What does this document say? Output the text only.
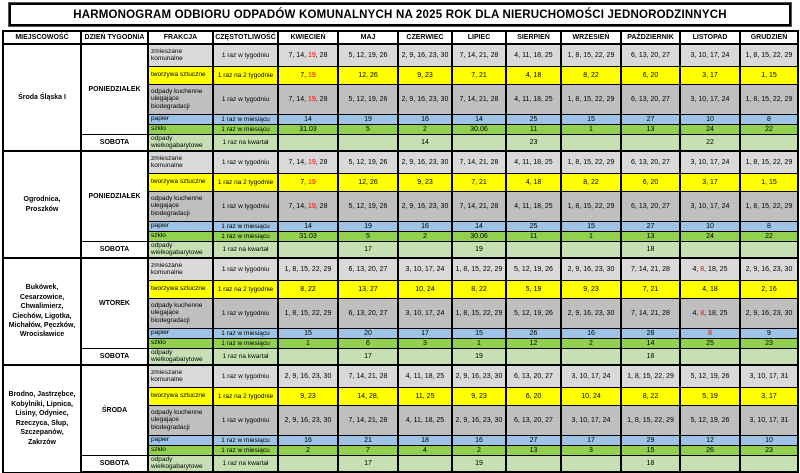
HARMONOGRAM ODBIORU ODPADÓW KOMUNALNYCH NA 2025 ROK DLA NIERUCHOMOŚCI JEDNORODZINNYCH
MIEJSCOWOŚĆ	DZIEŃ TYGODNIA	FRAKCJA	CZĘSTOTLIWOŚĆ	KWIECIEŃ	MAJ	CZERWIEC	LIPIEC	SIERPIEŃ	WRZESIEŃ	PAŹDZIERNIK	LISTOPAD	GRUDZIEŃ
Środa Śląska I	PONIEDZIAŁEK	zmieszane komunalne	1 raz w tygodniu	7, 14, 19, 28	5, 12, 19, 26	2, 9, 16, 23, 30	7, 14, 21, 28	4, 11, 18, 25	1, 8, 15, 22, 29	6, 13, 20, 27	3, 10, 17, 24	1, 8, 15, 22, 29
		tworzywa sztuczne	1 raz na 2 tygodnie	7, 19	12, 26	9, 23	7, 21	4, 18	8, 22	6, 20	3, 17	1, 15
		odpady kuchenne ulegające biodegradacji	1 raz w tygodniu	7, 14, 19, 28	5, 12, 19, 26	2, 9, 16, 23, 30	7, 14, 21, 28	4, 11, 18, 25	1, 8, 15, 22, 29	6, 13, 20, 27	3, 10, 17, 24	1, 8, 15, 22, 29
		papier	1 raz w miesiącu	14	19	16	14	25	15	27	10	8
		szkło	1 raz w miesiącu	31.03	5	2	30.06	11	1	13	24	22
	SOBOTA	odpady wielkogabarytowe	1 raz na kwartał			14		23			22	
Ogrodnica, Proszków	PONIEDZIAŁEK	zmieszane komunalne	1 raz w tygodniu	7, 14, 19, 28	5, 12, 19, 26	2, 9, 16, 23, 30	7, 14, 21, 28	4, 11, 18, 25	1, 8, 15, 22, 29	6, 13, 20, 27	3, 10, 17, 24	1, 8, 15, 22, 29
		tworzywa sztuczne	1 raz na 2 tygodnie	7, 19	12, 26	9, 23	7, 21	4, 18	8, 22	6, 20	3, 17	1, 15
		odpady kuchenne ulegające biodegradacji	1 raz w tygodniu	7, 14, 19, 28	5, 12, 19, 26	2, 9, 16, 23, 30	7, 14, 21, 28	4, 11, 18, 25	1, 8, 15, 22, 29	6, 13, 20, 27	3, 10, 17, 24	1, 8, 15, 22, 29
		papier	1 raz w miesiącu	14	19	16	14	25	15	27	10	8
		szkło	1 raz w miesiącu	31.03	5	2	30.06	11	1	13	24	22
	SOBOTA	odpady wielkogabarytowe	1 raz na kwartał		17		19			18		
Bukówek, Cesarzowice, Chwalimierz, Ciechów, Ligotka, Michałów, Pęczków, Wrocisławice	WTOREK	zmieszane komunalne	1 raz w tygodniu	1, 8, 15, 22, 29	6, 13, 20, 27	3, 10, 17, 24	1, 8, 15, 22, 29	5, 12, 19, 26	2, 9, 16, 23, 30	7, 14, 21, 28	4, 8, 18, 25	2, 9, 16, 23, 30
		tworzywa sztuczne	1 raz na 2 tygodnie	8, 22	13, 27	10, 24	8, 22	5, 19	9, 23	7, 21	4, 18	2, 16
		odpady kuchenne ulegające biodegradacji	1 raz w tygodniu	1, 8, 15, 22, 29	6, 13, 20, 27	3, 10, 17, 24	1, 8, 15, 22, 29	5, 12, 19, 26	2, 9, 16, 23, 30	7, 14, 21, 28	4, 8, 18, 25	2, 9, 16, 23, 30
		papier	1 raz w miesiącu	15	20	17	15	26	16	28	8	9
		szkło	1 raz w miesiącu	1	6	3	1	12	2	14	25	23
	SOBOTA	odpady wielkogabarytowe	1 raz na kwartał		17		19			18		
Brodno, Jastrzębce, Kobylniki, Lipnica, Lisiny, Odyniec, Rzeczyca, Słup, Szczepanów, Zakrzów	ŚRODA	zmieszane komunalne	1 raz w tygodniu	2, 9, 16, 23, 30	7, 14, 21, 28	4, 11, 18, 25	2, 9, 16, 23, 30	6, 13, 20, 27	3, 10, 17, 24	1, 8, 15, 22, 29	5, 12, 19, 26	3, 10, 17, 31
		tworzywa sztuczne	1 raz na 2 tygodnie	9, 23	14, 28,	11, 25	9, 23	6, 20	10, 24	8, 22	5, 19	3, 17
		odpady kuchenne ulegające biodegradacji	1 raz w tygodniu	2, 9, 16, 23, 30	7, 14, 21, 28	4, 11, 18, 25	2, 9, 16, 23, 30	6, 13, 20, 27	3, 10, 17, 24	1, 8, 15, 22, 29	5, 12, 19, 26	3, 10, 17, 31
		papier	1 raz w miesiącu	16	21	18	16	27	17	29	12	10
		szkło	1 raz w miesiącu	2	7	4	2	13	3	15	26	23
	SOBOTA	odpady wielkogabarytowe	1 raz na kwartał		17		19			18		
